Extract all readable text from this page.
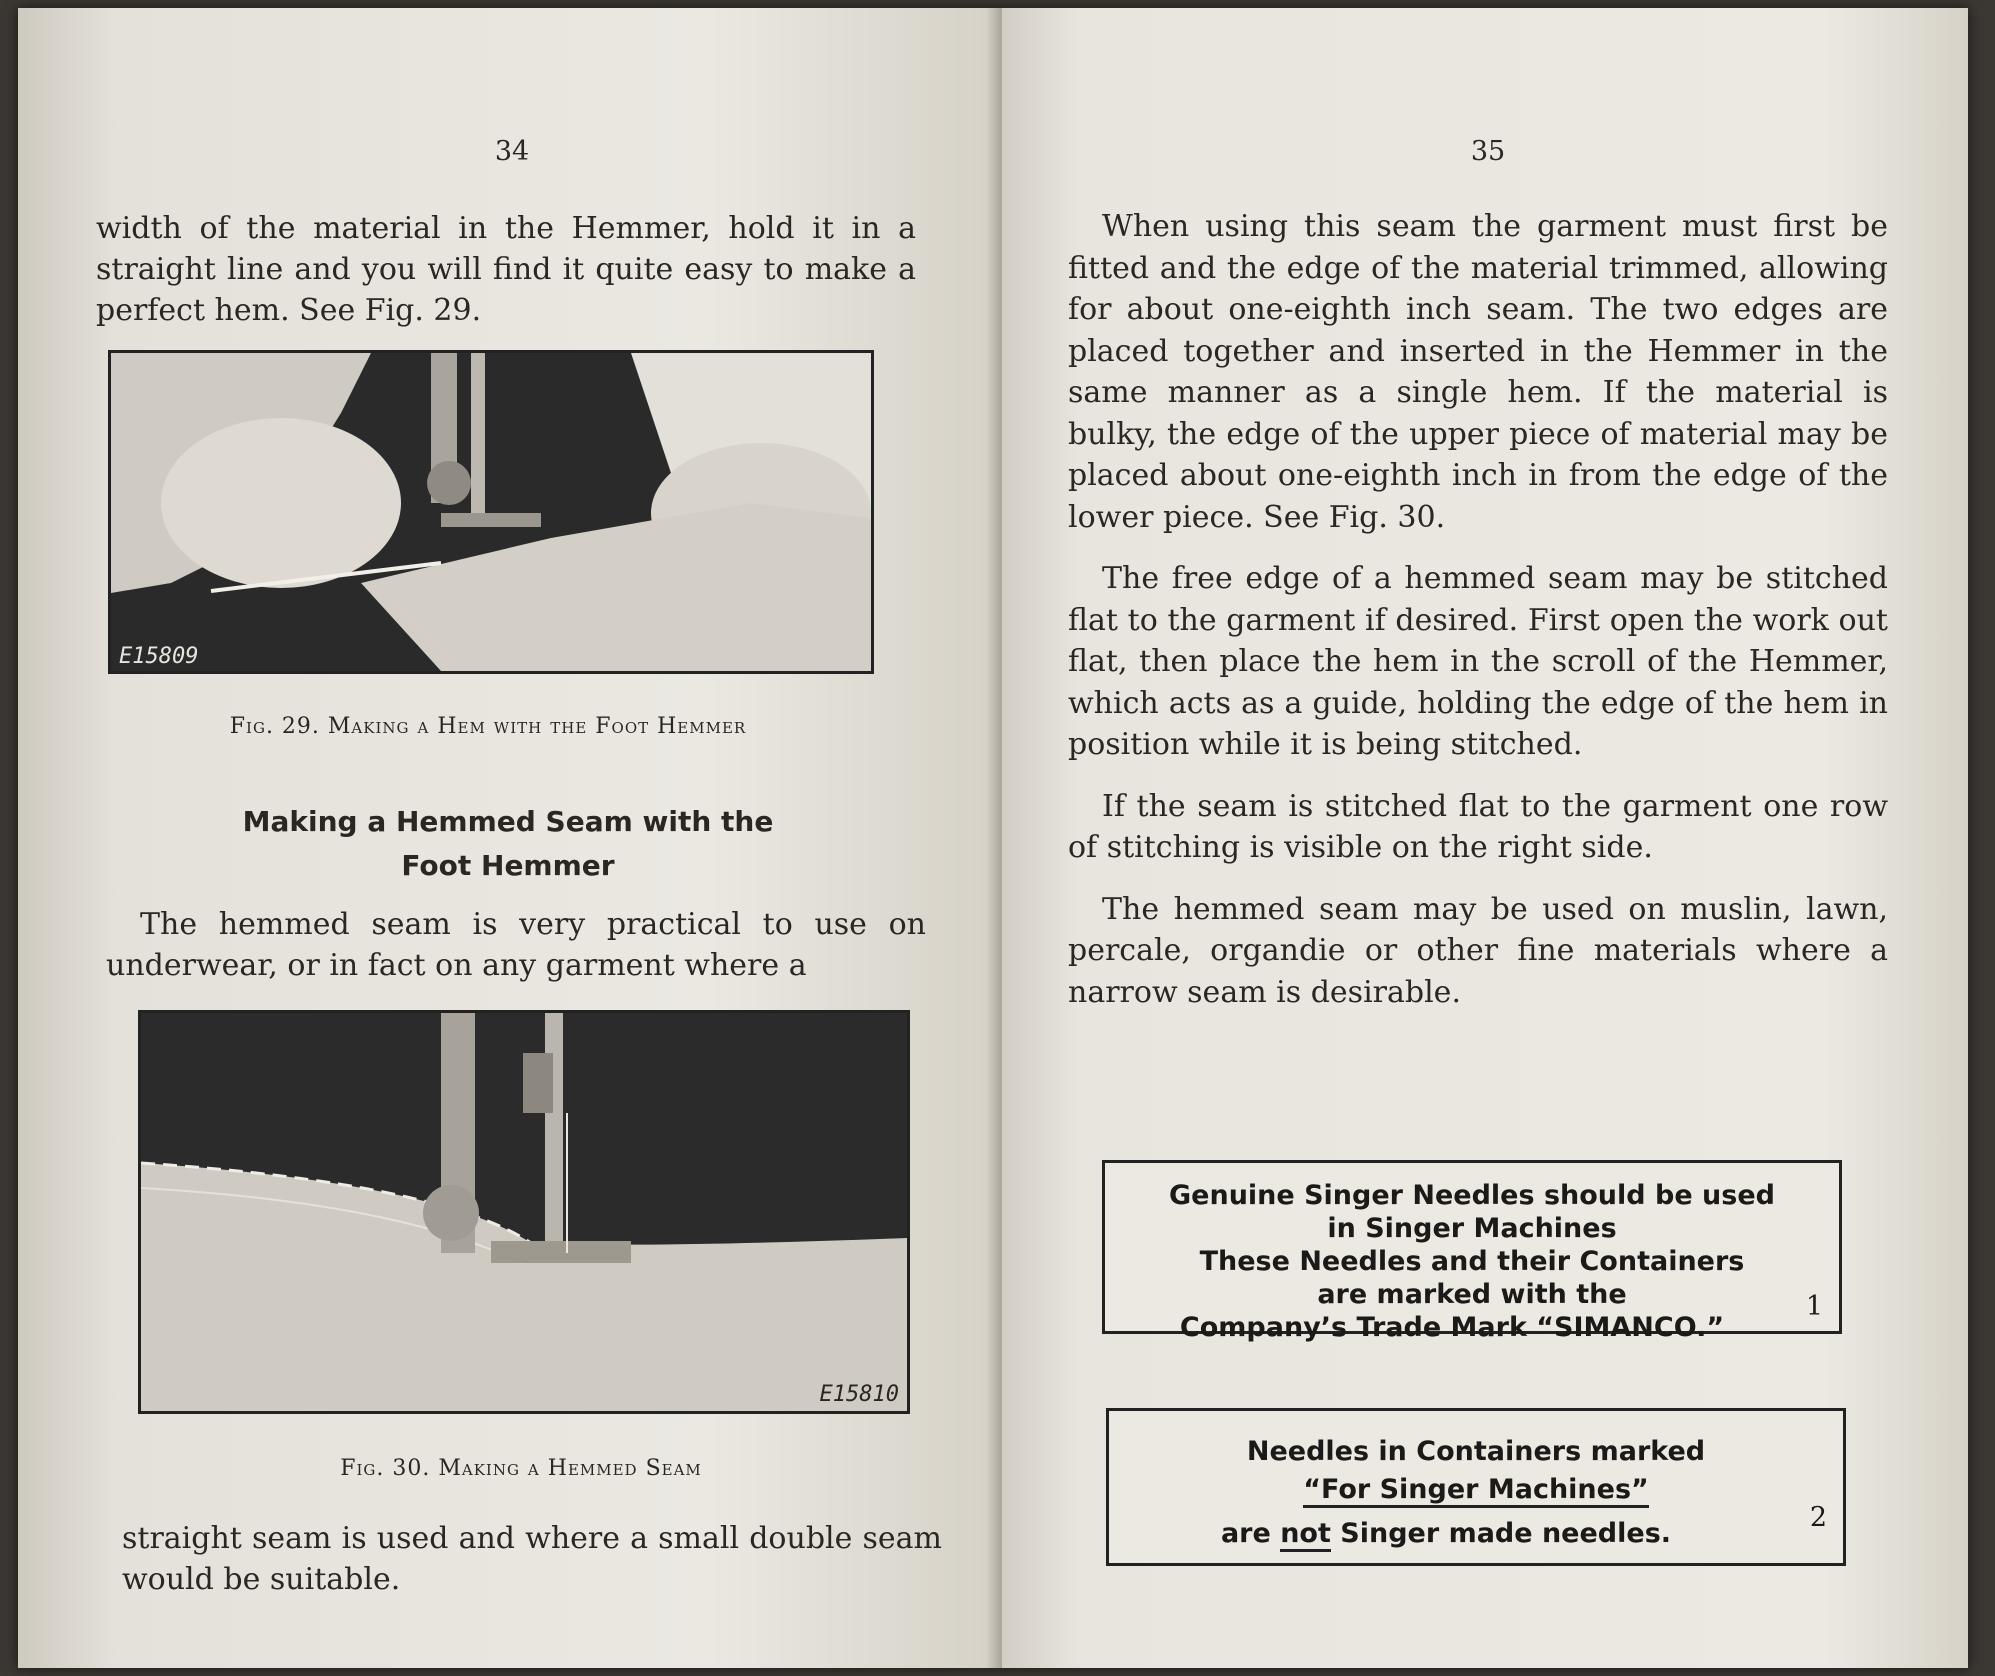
34

width of the material in the Hemmer, hold it in a straight line and you will find it quite easy to make a perfect hem. See Fig. 29.

E15809
Fig. 29. Making a Hem with the Foot Hemmer
Making a Hemmed Seam with the
Foot Hemmer

The hemmed seam is very practical to use on underwear, or in fact on any garment where a

E15810
Fig. 30. Making a Hemmed Seam

straight seam is used and where a small double seam would be suitable.

35

When using this seam the garment must first be fitted and the edge of the material trimmed, allowing for about one-eighth inch seam. The two edges are placed together and inserted in the Hemmer in the same manner as a single hem. If the material is bulky, the edge of the upper piece of material may be placed about one-eighth inch in from the edge of the lower piece. See Fig. 30.

The free edge of a hemmed seam may be stitched flat to the garment if desired. First open the work out flat, then place the hem in the scroll of the Hemmer, which acts as a guide, holding the edge of the hem in position while it is being stitched.

If the seam is stitched flat to the garment one row of stitching is visible on the right side.

The hemmed seam may be used on muslin, lawn, percale, organdie or other fine materials where a narrow seam is desirable.

Genuine Singer Needles should be used
in Singer Machines
These Needles and their Containers
are marked with the
Company’s Trade Mark “SIMANCO.”
1
Needles in Containers marked
“For Singer Machines”
are not Singer made needles.
2
